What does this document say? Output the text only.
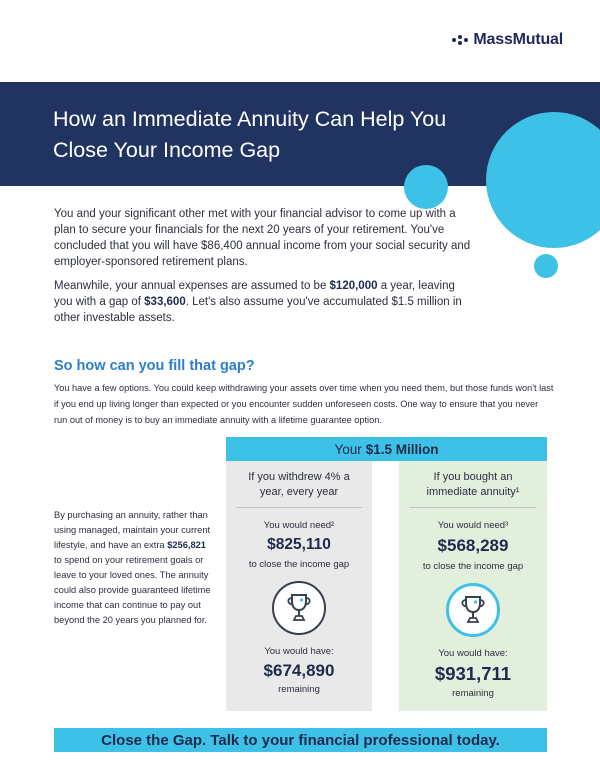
MassMutual
How an Immediate Annuity Can Help You Close Your Income Gap

You and your significant other met with your financial advisor to come up with a plan to secure your financials for the next 20 years of your retirement. You've concluded that you will have $86,400 annual income from your social security and employer-sponsored retirement plans.

Meanwhile, your annual expenses are assumed to be $120,000 a year, leaving you with a gap of $33,600. Let's also assume you've accumulated $1.5 million in other investable assets.

So how can you fill that gap?

You have a few options. You could keep withdrawing your assets over time when you need them, but those funds won't last if you end up living longer than expected or you encounter sudden unforeseen costs. One way to ensure that you never run out of money is to buy an immediate annuity with a lifetime guarantee option.

Your $1.5 Million
If you withdrew 4% a year, every year
You would need²
$825,110
to close the income gap
You would have:
$674,890
remaining
If you bought an immediate annuity¹
You would need³
$568,289
to close the income gap
You would have:
$931,711
remaining

By purchasing an annuity, rather than using managed, maintain your current lifestyle, and have an extra $256,821 to spend on your retirement goals or leave to your loved ones. The annuity could also provide guaranteed lifetime income that can continue to pay out beyond the 20 years you planned for.

Close the Gap. Talk to your financial professional today.
